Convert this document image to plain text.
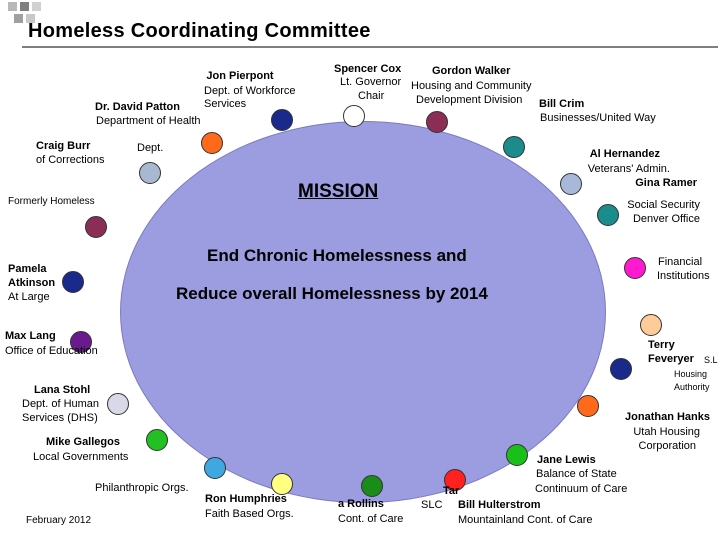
Homeless Coordinating Committee
MISSION
End Chronic Homelessness and
Reduce overall Homelessness by 2014
Jon Pierpont
Dept. of Workforce
Services
Spencer Cox
Lt. Governor
Chair
Gordon Walker
Housing and Community
Development Division
Dr. David Patton
Department of Health
Bill Crim
Businesses/United Way
Craig Burr
of Corrections
Dept.	Al Hernandez
Veterans' Admin.
Gina Ramer
Formerly Homeless	Social Security
Denver Office
Pamela
Atkinson
At Large
Financial
Institutions
Max Lang
Office of Education	Terry
Feveryer S.L
Housing
Authority
Lana Stohl
Dept. of Human
Services (DHS)	Jonathan Hanks
Utah Housing
Corporation
Mike Gallegos
Local Governments	Jane Lewis
Balance of State
Continuum of Care
Philanthropic Orgs.
Ron Humphries
Faith Based Orgs.
a Rollins
Cont. of Care
Tar
SLC Bill Hulterstrom
Mountainland Cont. of Care
February 2012
